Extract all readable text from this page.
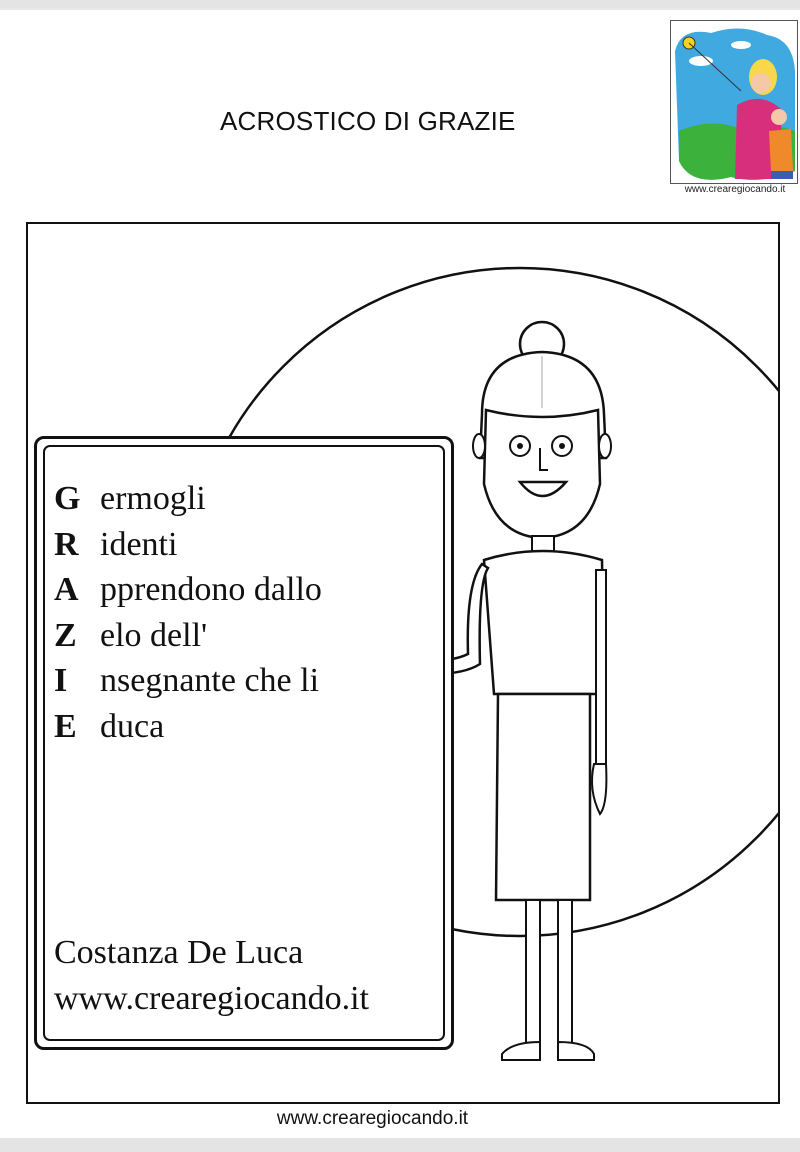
ACROSTICO DI GRAZIE
www.crearegiocando.it
G ermogli
R identi
A pprendono dallo
Z elo dell'
I nsegnante che li
E duca
Costanza De Luca
www.crearegiocando.it
www.crearegiocando.it
